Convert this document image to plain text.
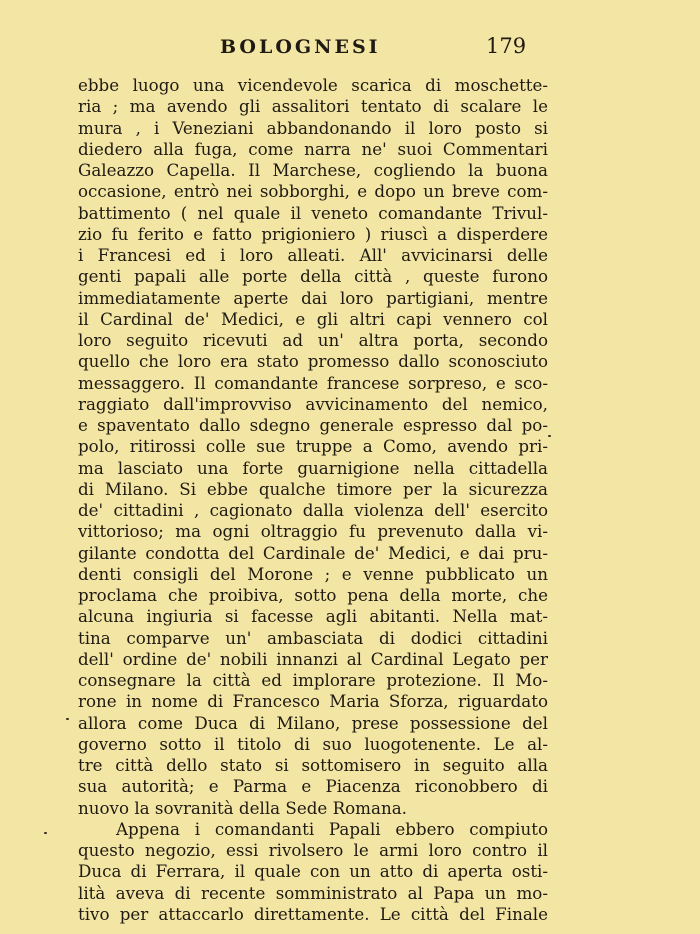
BOLOGNESI	179
ebbe luogo una vicendevole scarica di moschette-
ria ; ma avendo gli assalitori tentato di scalare le
mura , i Veneziani abbandonando il loro posto si
diedero alla fuga, come narra ne' suoi Commentari
Galeazzo Capella. Il Marchese, cogliendo la buona
occasione, entrò nei sobborghi, e dopo un breve com-
battimento ( nel quale il veneto comandante Trivul-
zio fu ferito e fatto prigioniero ) riuscì a disperdere
i Francesi ed i loro alleati. All' avvicinarsi delle
genti papali alle porte della città , queste furono
immediatamente aperte dai loro partigiani, mentre
il Cardinal de' Medici, e gli altri capi vennero col
loro seguito ricevuti ad un' altra porta, secondo
quello che loro era stato promesso dallo sconosciuto
messaggero. Il comandante francese sorpreso, e sco-
raggiato dall'improvviso avvicinamento del nemico,
e spaventato dallo sdegno generale espresso dal po-
polo, ritirossi colle sue truppe a Como, avendo pri-
ma lasciato una forte guarnigione nella cittadella
di Milano. Si ebbe qualche timore per la sicurezza
de' cittadini , cagionato dalla violenza dell' esercito
vittorioso; ma ogni oltraggio fu prevenuto dalla vi-
gilante condotta del Cardinale de' Medici, e dai pru-
denti consigli del Morone ; e venne pubblicato un
proclama che proibiva, sotto pena della morte, che
alcuna ingiuria si facesse agli abitanti. Nella mat-
tina comparve un' ambasciata di dodici cittadini
dell' ordine de' nobili innanzi al Cardinal Legato per
consegnare la città ed implorare protezione. Il Mo-
rone in nome di Francesco Maria Sforza, riguardato
allora come Duca di Milano, prese possessione del
governo sotto il titolo di suo luogotenente. Le al-
tre città dello stato si sottomisero in seguito alla
sua autorità; e Parma e Piacenza riconobbero di
nuovo la sovranità della Sede Romana.
Appena i comandanti Papali ebbero compiuto
questo negozio, essi rivolsero le armi loro contro il
Duca di Ferrara, il quale con un atto di aperta osti-
lità aveva di recente somministrato al Papa un mo-
tivo per attaccarlo direttamente. Le città del Finale
